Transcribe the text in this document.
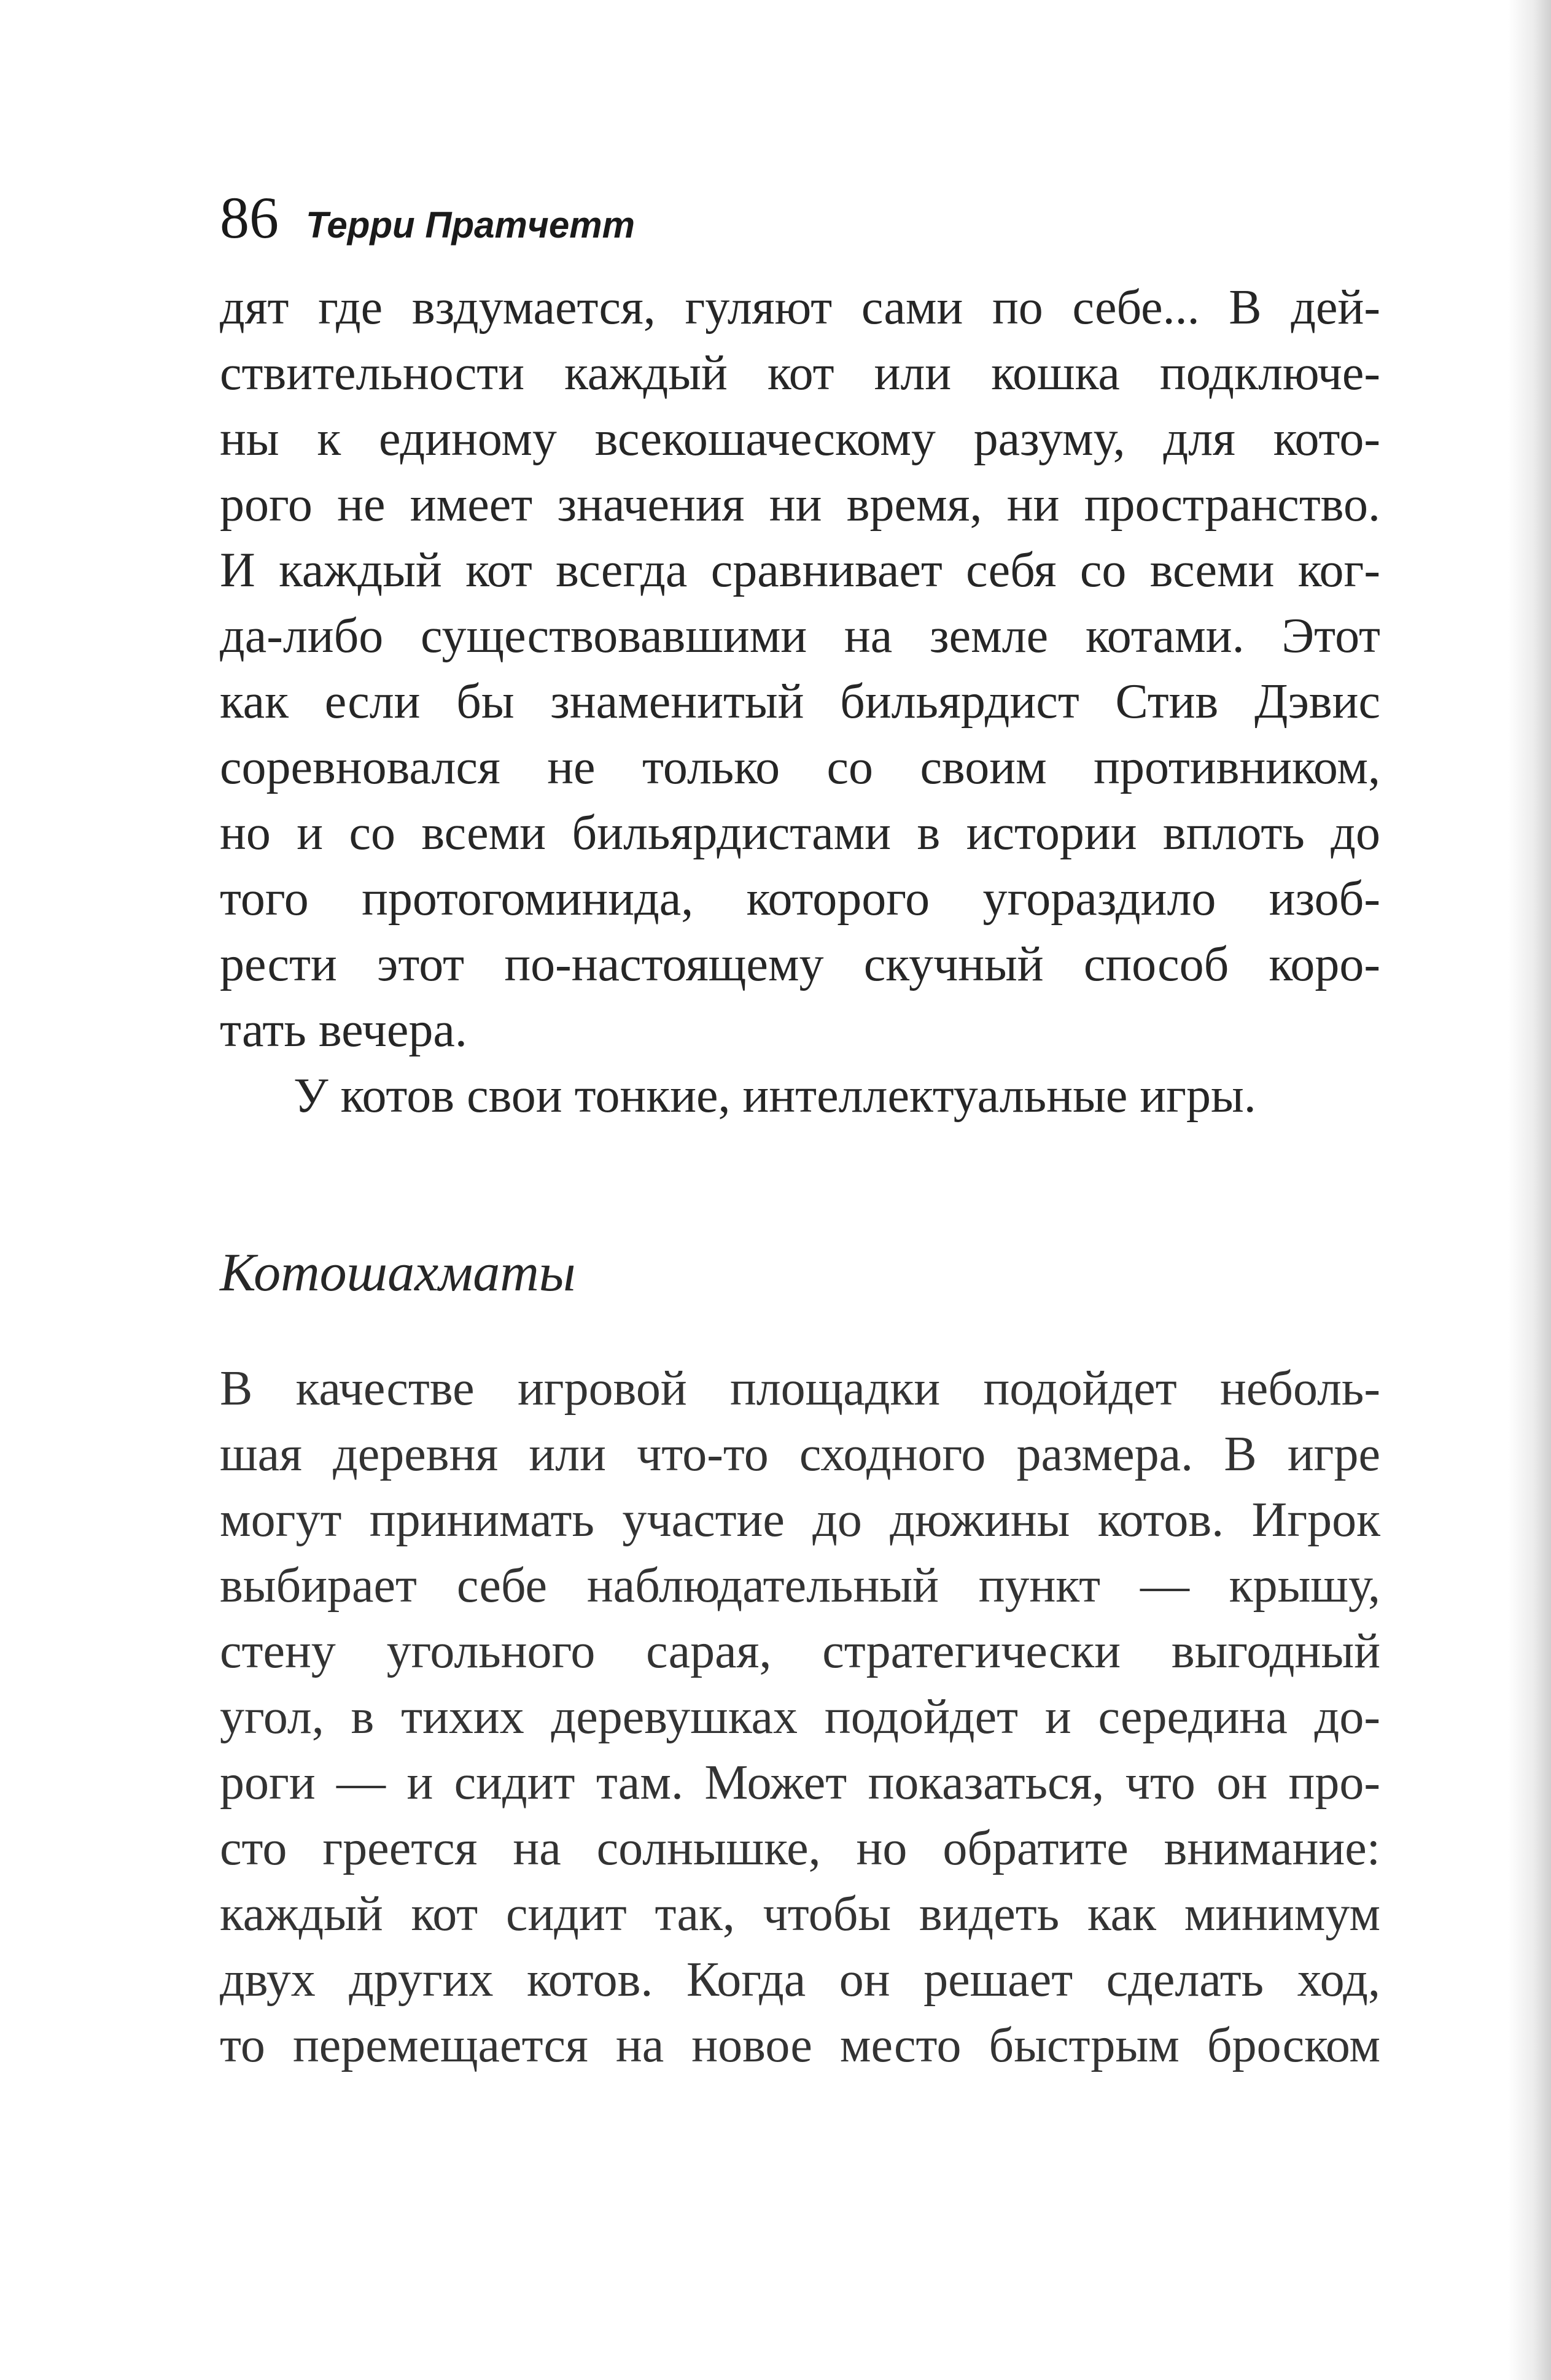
86 Терри Пратчетт
дят где вздумается, гуляют сами по себе... В дей-
ствительности каждый кот или кошка подключе-
ны к единому всекошаческому разуму, для кото-
рого не имеет значения ни время, ни пространство.
И каждый кот всегда сравнивает себя со всеми ког-
да-либо существовавшими на земле котами. Этот
как если бы знаменитый бильярдист Стив Дэвис
соревновался не только со своим противником,
но и со всеми бильярдистами в истории вплоть до
того протогоминида, которого угораздило изоб-
рести этот по-настоящему скучный способ коро-
тать вечера.
У котов свои тонкие, интеллектуальные игры.
Котошахматы
В качестве игровой площадки подойдет неболь-
шая деревня или что-то сходного размера. В игре
могут принимать участие до дюжины котов. Игрок
выбирает себе наблюдательный пункт — крышу,
стену угольного сарая, стратегически выгодный
угол, в тихих деревушках подойдет и середина до-
роги — и сидит там. Может показаться, что он про-
сто греется на солнышке, но обратите внимание:
каждый кот сидит так, чтобы видеть как минимум
двух других котов. Когда он решает сделать ход,
то перемещается на новое место быстрым броском
